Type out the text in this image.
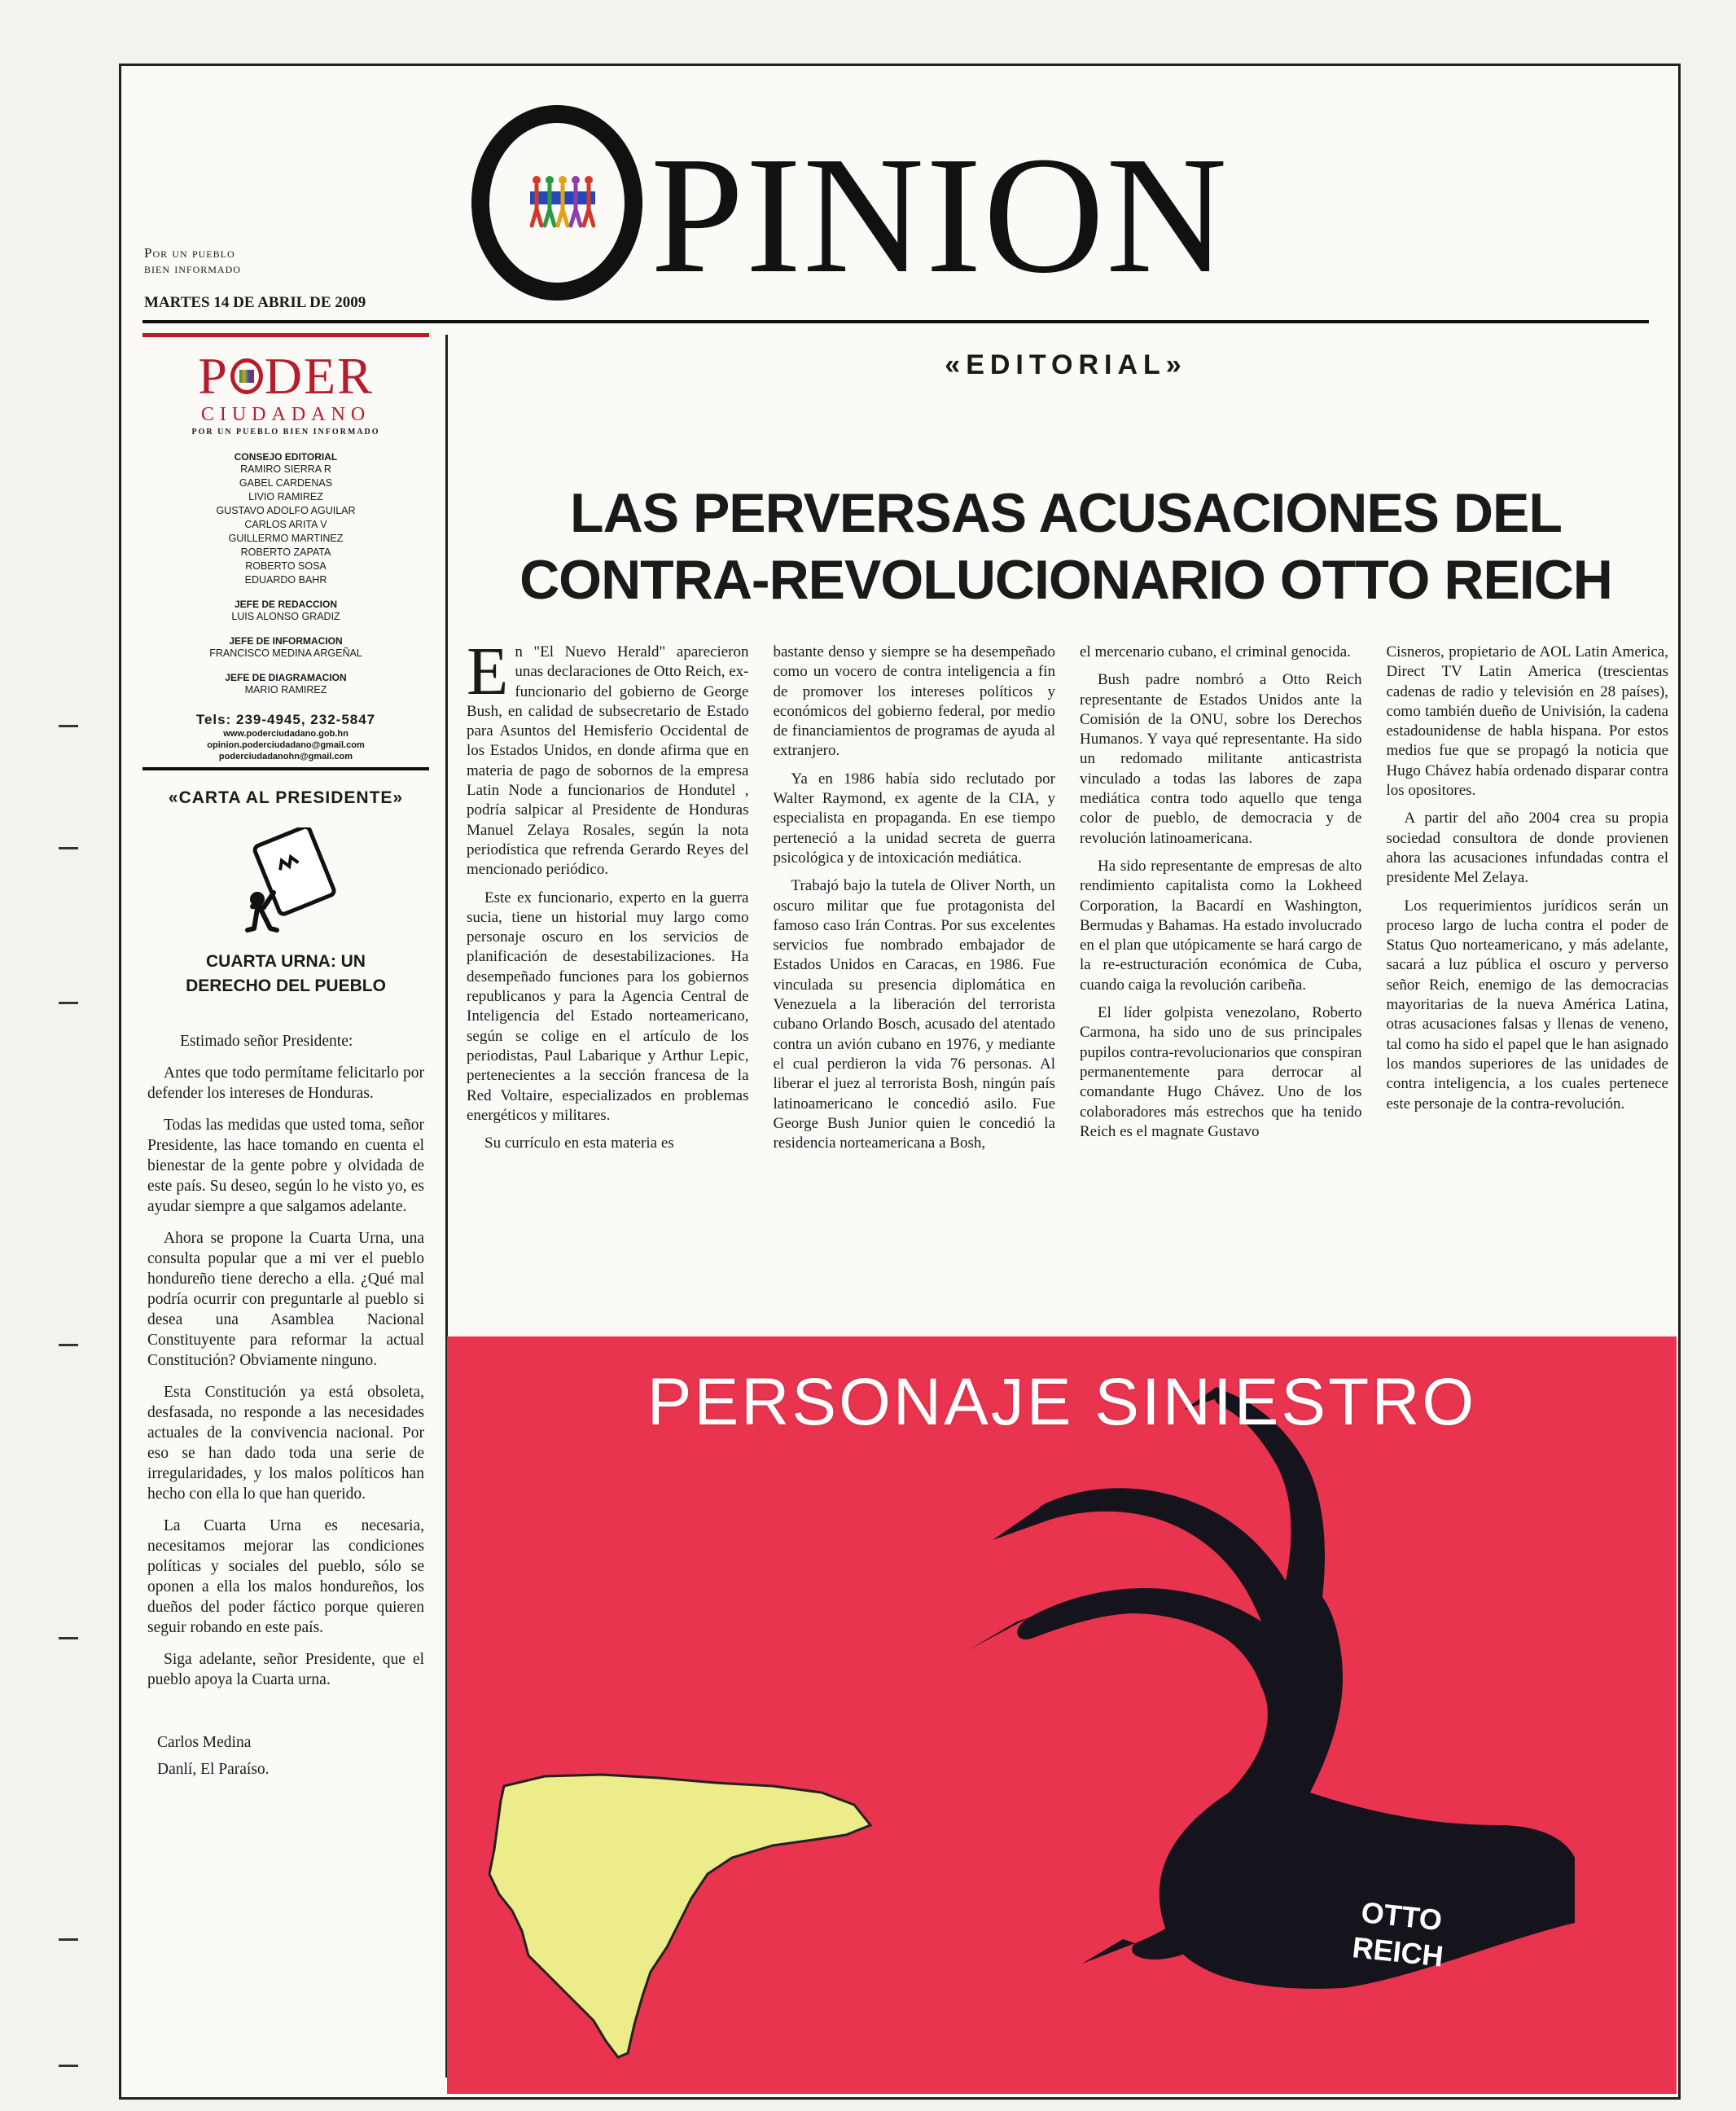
PINION
Por un pueblo
bien informado
MARTES 14 DE ABRIL DE 2009
P DER
CIUDADANO
POR UN PUEBLO BIEN INFORMADO
CONSEJO EDITORIAL
RAMIRO SIERRA R
GABEL CARDENAS
LIVIO RAMIREZ
GUSTAVO ADOLFO AGUILAR
CARLOS ARITA V
GUILLERMO MARTINEZ
ROBERTO ZAPATA
ROBERTO SOSA
EDUARDO BAHR
JEFE DE REDACCION
LUIS ALONSO GRADIZ
JEFE DE INFORMACION
FRANCISCO MEDINA ARGEÑAL
JEFE DE DIAGRAMACION
MARIO RAMIREZ
Tels: 239-4945, 232-5847
www.poderciudadano.gob.hn
opinion.poderciudadano@gmail.com
poderciudadanohn@gmail.com
«CARTA AL PRESIDENTE»
CUARTA URNA: UN
DERECHO DEL PUEBLO

Estimado señor Presidente:

Antes que todo permítame felicitarlo por defender los intereses de Honduras.

Todas las medidas que usted toma, señor Presidente, las hace tomando en cuenta el bienestar de la gente pobre y olvidada de este país. Su deseo, según lo he visto yo, es ayudar siempre a que salgamos adelante.

Ahora se propone la Cuarta Urna, una consulta popular que a mi ver el pueblo hondureño tiene derecho a ella. ¿Qué mal podría ocurrir con preguntarle al pueblo si desea una Asamblea Nacional Constituyente para reformar la actual Constitución? Obviamente ninguno.

Esta Constitución ya está obsoleta, desfasada, no responde a las necesidades actuales de la convivencia nacional. Por eso se han dado toda una serie de irregularidades, y los malos políticos han hecho con ella lo que han querido.

La Cuarta Urna es necesaria, necesitamos mejorar las condiciones políticas y sociales del pueblo, sólo se oponen a ella los malos hondureños, los dueños del poder fáctico porque quieren seguir robando en este país.

Siga adelante, señor Presidente, que el pueblo apoya la Cuarta urna.

Carlos Medina
Danlí, El Paraíso.
«EDITORIAL»
LAS PERVERSAS ACUSACIONES DEL
CONTRA-REVOLUCIONARIO OTTO REICH

En "El Nuevo Herald" aparecieron unas declaraciones de Otto Reich, ex-funcionario del gobierno de George Bush, en calidad de subsecretario de Estado para Asuntos del Hemisferio Occidental de los Estados Unidos, en donde afirma que en materia de pago de sobornos de la empresa Latin Node a funcionarios de Hondutel , podría salpicar al Presidente de Honduras Manuel Zelaya Rosales, según la nota periodística que refrenda Gerardo Reyes del mencionado periódico.

Este ex funcionario, experto en la guerra sucia, tiene un historial muy largo como personaje oscuro en los servicios de planificación de desestabilizaciones. Ha desempeñado funciones para los gobiernos republicanos y para la Agencia Central de Inteligencia del Estado norteamericano, según se colige en el artículo de los periodistas, Paul Labarique y Arthur Lepic, pertenecientes a la sección francesa de la Red Voltaire, especializados en problemas energéticos y militares.

Su currículo en esta materia es

bastante denso y siempre se ha desempeñado como un vocero de contra inteligencia a fin de promover los intereses políticos y económicos del gobierno federal, por medio de financiamientos de programas de ayuda al extranjero.

Ya en 1986 había sido reclutado por Walter Raymond, ex agente de la CIA, y especialista en propaganda. En ese tiempo perteneció a la unidad secreta de guerra psicológica y de intoxicación mediática.

Trabajó bajo la tutela de Oliver North, un oscuro militar que fue protagonista del famoso caso Irán Contras. Por sus excelentes servicios fue nombrado embajador de Estados Unidos en Caracas, en 1986. Fue vinculada su presencia diplomática en Venezuela a la liberación del terrorista cubano Orlando Bosch, acusado del atentado contra un avión cubano en 1976, y mediante el cual perdieron la vida 76 personas. Al liberar el juez al terrorista Bosh, ningún país latinoamericano le concedió asilo. Fue George Bush Junior quien le concedió la residencia norteamericana a Bosh,

el mercenario cubano, el criminal genocida.

Bush padre nombró a Otto Reich representante de Estados Unidos ante la Comisión de la ONU, sobre los Derechos Humanos. Y vaya qué representante. Ha sido un redomado militante anticastrista vinculado a todas las labores de zapa mediática contra todo aquello que tenga color de pueblo, de democracia y de revolución latinoamericana.

Ha sido representante de empresas de alto rendimiento capitalista como la Lokheed Corporation, la Bacardí en Washington, Bermudas y Bahamas. Ha estado involucrado en el plan que utópicamente se hará cargo de la re-estructuración económica de Cuba, cuando caiga la revolución caribeña.

El líder golpista venezolano, Roberto Carmona, ha sido uno de sus principales pupilos contra-revolucionarios que conspiran permanentemente para derrocar al comandante Hugo Chávez. Uno de los colaboradores más estrechos que ha tenido Reich es el magnate Gustavo

Cisneros, propietario de AOL Latin America, Direct TV Latin America (trescientas cadenas de radio y televisión en 28 países), como también dueño de Univisión, la cadena estadounidense de habla hispana. Por estos medios fue que se propagó la noticia que Hugo Chávez había ordenado disparar contra los opositores.

A partir del año 2004 crea su propia sociedad consultora de donde provienen ahora las acusaciones infundadas contra el presidente Mel Zelaya.

Los requerimientos jurídicos serán un proceso largo de lucha contra el poder de Status Quo norteamericano, y más adelante, sacará a luz pública el oscuro y perverso señor Reich, enemigo de las democracias mayoritarias de la nueva América Latina, otras acusaciones falsas y llenas de veneno, tal como ha sido el papel que le han asignado los mandos superiores de las unidades de contra inteligencia, a los cuales pertenece este personaje de la contra-revolución.

PERSONAJE SINIESTRO
OTTO
REICH
